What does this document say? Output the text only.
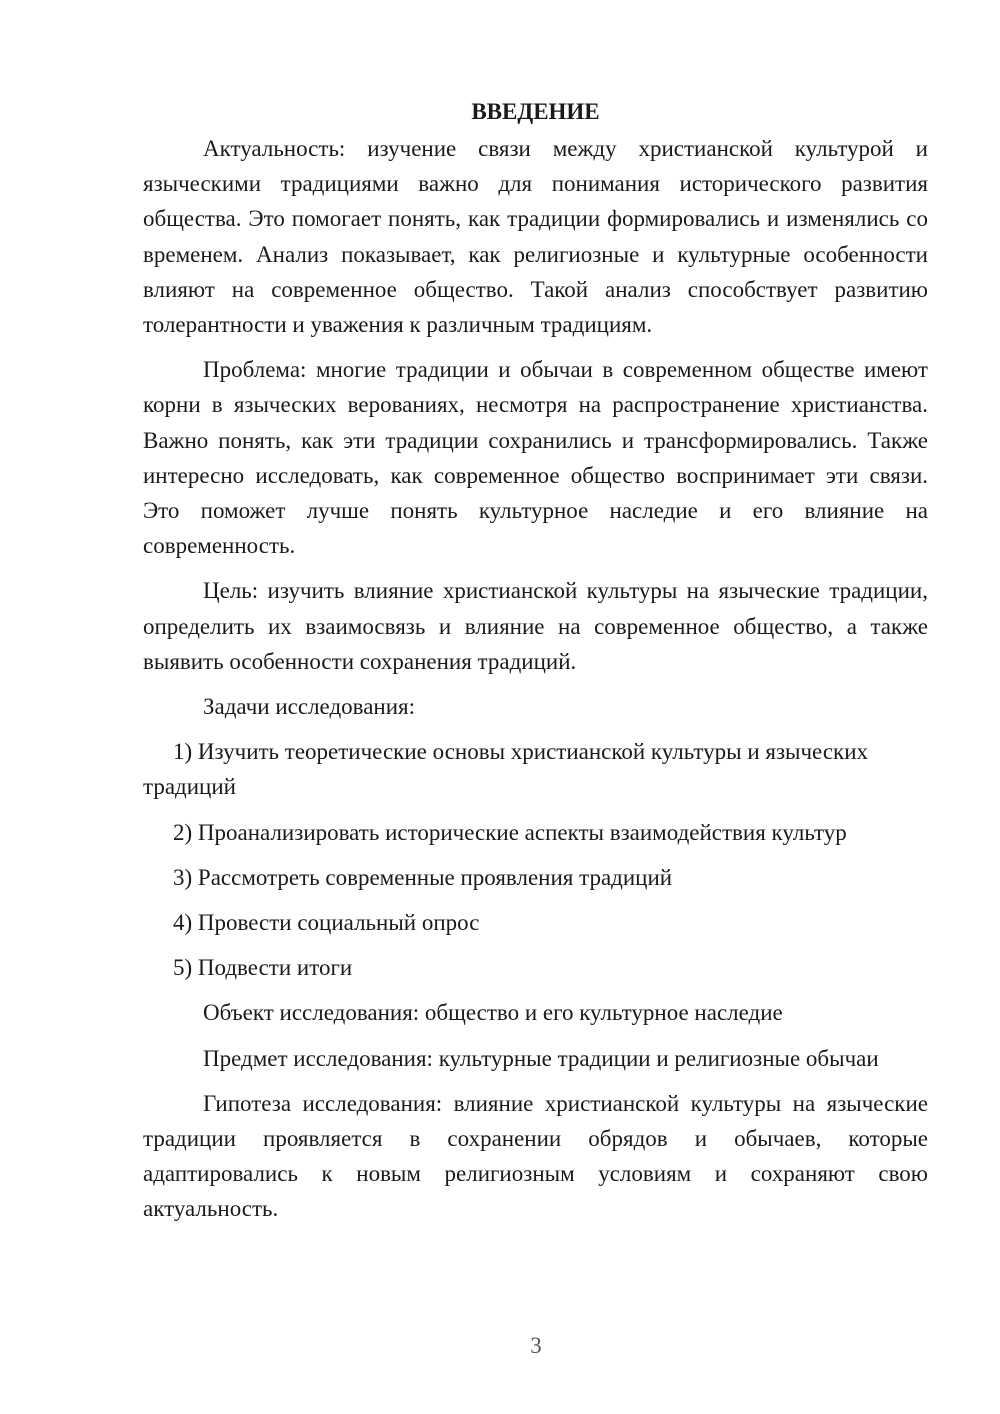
ВВЕДЕНИЕ

Актуальность: изучение связи между христианской культурой и языческими традициями важно для понимания исторического развития общества. Это помогает понять, как традиции формировались и изменялись со временем. Анализ показывает, как религиозные и культурные особенности влияют на современное общество. Такой анализ способствует развитию толерантности и уважения к различным традициям.

Проблема: многие традиции и обычаи в современном обществе имеют корни в языческих верованиях, несмотря на распространение христианства. Важно понять, как эти традиции сохранились и трансформировались. Также интересно исследовать, как современное общество воспринимает эти связи. Это поможет лучше понять культурное наследие и его влияние на современность.

Цель: изучить влияние христианской культуры на языческие традиции, определить их взаимосвязь и влияние на современное общество, а также выявить особенности сохранения традиций.

Задачи исследования:

1) Изучить теоретические основы христианской культуры и языческих традиций

2) Проанализировать исторические аспекты взаимодействия культур

3) Рассмотреть современные проявления традиций

4) Провести социальный опрос

5) Подвести итоги

Объект исследования: общество и его культурное наследие

Предмет исследования: культурные традиции и религиозные обычаи

Гипотеза исследования: влияние христианской культуры на языческие традиции проявляется в сохранении обрядов и обычаев, которые адаптировались к новым религиозным условиям и сохраняют свою актуальность.

3
